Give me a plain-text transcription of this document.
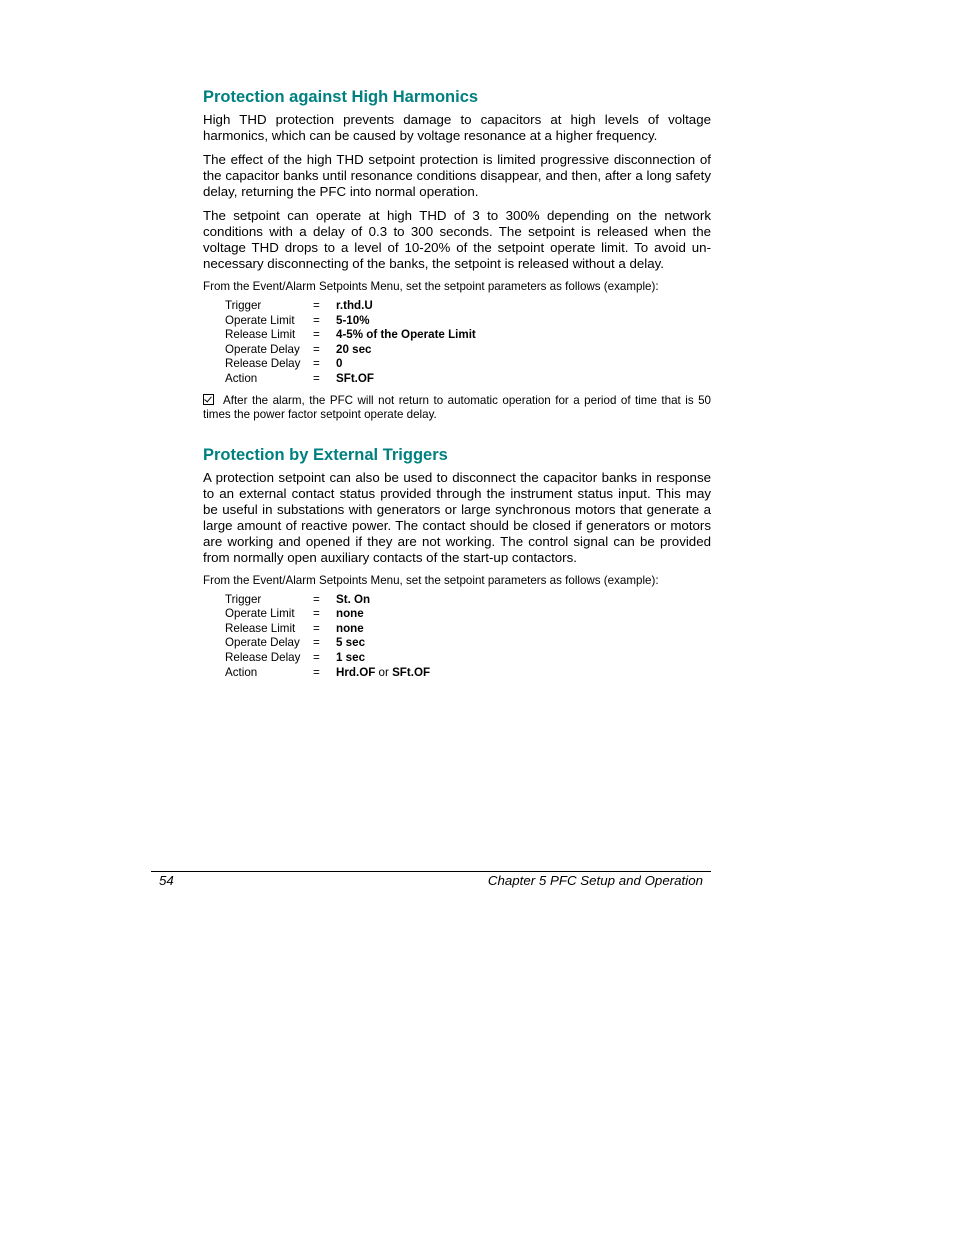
Protection against High Harmonics

High THD protection prevents damage to capacitors at high levels of voltage harmonics, which can be caused by voltage resonance at a higher frequency.

The effect of the high THD setpoint protection is limited progressive disconnection of the capacitor banks until resonance conditions disappear, and then, after a long safety delay, returning the PFC into normal operation.

The setpoint can operate at high THD of 3 to 300% depending on the network conditions with a delay of 0.3 to 300 seconds. The setpoint is released when the voltage THD drops to a level of 10-20% of the setpoint operate limit. To avoid un-necessary disconnecting of the banks, the setpoint is released without a delay.

From the Event/Alarm Setpoints Menu, set the setpoint parameters as follows (example):

Trigger	=	r.thd.U
Operate Limit	=	5-10%
Release Limit	=	4-5% of the Operate Limit
Operate Delay	=	20 sec
Release Delay	=	0
Action	=	SFt.OF

After the alarm, the PFC will not return to automatic operation for a period of time that is 50 times the power factor setpoint operate delay.

Protection by External Triggers

A protection setpoint can also be used to disconnect the capacitor banks in response to an external contact status provided through the instrument status input. This may be useful in substations with generators or large synchronous motors that generate a large amount of reactive power. The contact should be closed if generators or motors are working and opened if they are not working. The control signal can be provided from normally open auxiliary contacts of the start-up contactors.

From the Event/Alarm Setpoints Menu, set the setpoint parameters as follows (example):

Trigger	=	St. On
Operate Limit	=	none
Release Limit	=	none
Operate Delay	=	5 sec
Release Delay	=	1 sec
Action	=	Hrd.OF or SFt.OF
54	Chapter 5 PFC Setup and Operation
